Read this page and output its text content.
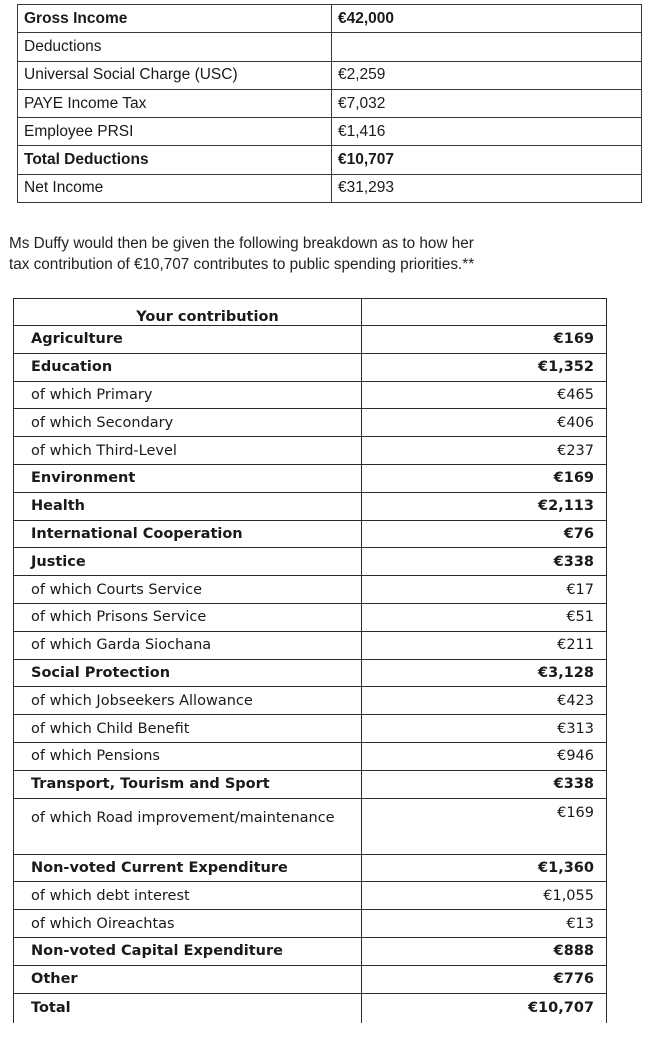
Gross Income	€42,000
Deductions	
Universal Social Charge (USC)	€2,259
PAYE Income Tax	€7,032
Employee PRSI	€1,416
Total Deductions	€10,707
Net Income	€31,293

Ms Duffy would then be given the following breakdown as to how her
tax contribution of €10,707 contributes to public spending priorities.**

Your contribution	
Agriculture	€169
Education	€1,352
of which Primary	€465
of which Secondary	€406
of which Third-Level	€237
Environment	€169
Health	€2,113
International Cooperation	€76
Justice	€338
of which Courts Service	€17
of which Prisons Service	€51
of which Garda Siochana	€211
Social Protection	€3,128
of which Jobseekers Allowance	€423
of which Child Benefit	€313
of which Pensions	€946
Transport, Tourism and Sport	€338
of which Road improvement/maintenance	€169
Non-voted Current Expenditure	€1,360
of which debt interest	€1,055
of which Oireachtas	€13
Non-voted Capital Expenditure	€888
Other	€776
Total	€10,707
